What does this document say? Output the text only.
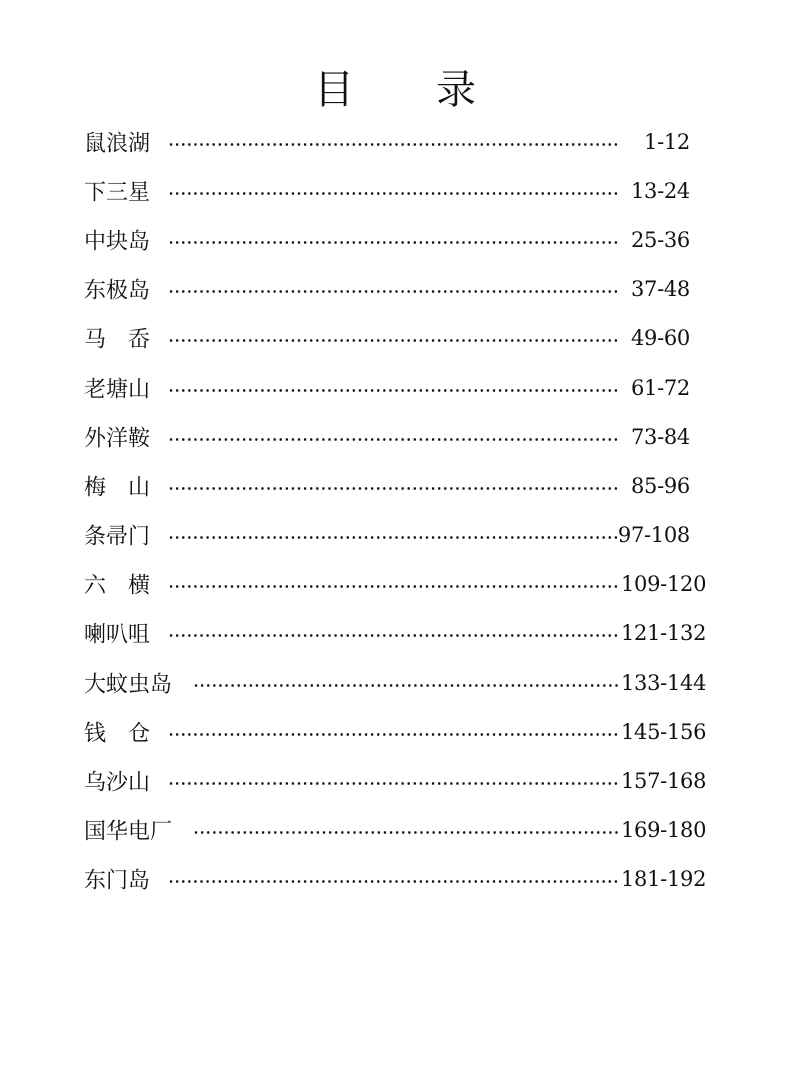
目 录
鼠浪湖	1-12
下三星	13-24
中块岛	25-36
东极岛	37-48
马　岙	49-60
老塘山	61-72
外洋鞍	73-84
梅　山	85-96
条帚门	97-108
六　横	109-120
喇叭咀	121-132
大蚊虫岛	133-144
钱　仓	145-156
乌沙山	157-168
国华电厂	169-180
东门岛	181-192
